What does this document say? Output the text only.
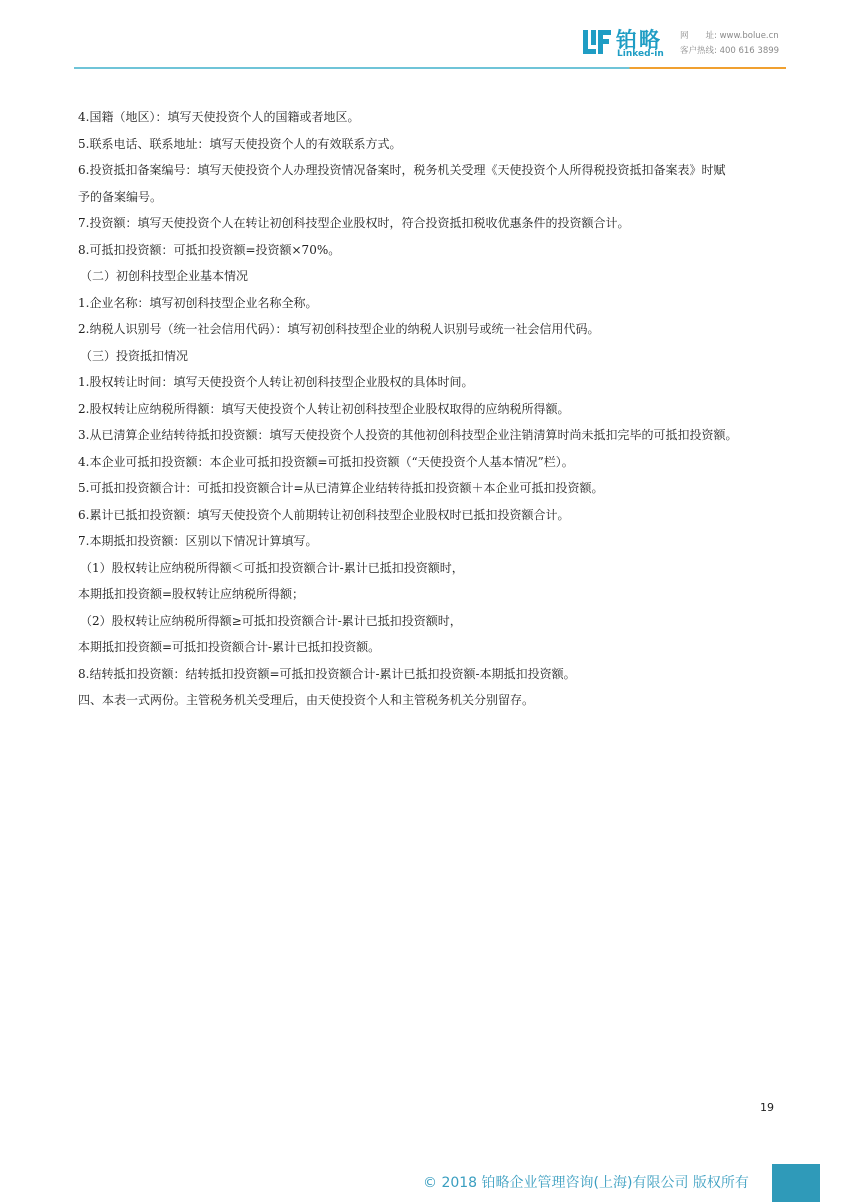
铂略
Linked-in
网　　址: www.bolue.cn
客户热线: 400 616 3899
4.国籍（地区）：填写天使投资个人的国籍或者地区。
5.联系电话、联系地址：填写天使投资个人的有效联系方式。
6.投资抵扣备案编号：填写天使投资个人办理投资情况备案时，税务机关受理《天使投资个人所得税投资抵扣备案表》时赋
予的备案编号。
7.投资额：填写天使投资个人在转让初创科技型企业股权时，符合投资抵扣税收优惠条件的投资额合计。
8.可抵扣投资额：可抵扣投资额=投资额×70%。
（二）初创科技型企业基本情况
1.企业名称：填写初创科技型企业名称全称。
2.纳税人识别号（统一社会信用代码）：填写初创科技型企业的纳税人识别号或统一社会信用代码。
（三）投资抵扣情况
1.股权转让时间：填写天使投资个人转让初创科技型企业股权的具体时间。
2.股权转让应纳税所得额：填写天使投资个人转让初创科技型企业股权取得的应纳税所得额。
3.从已清算企业结转待抵扣投资额：填写天使投资个人投资的其他初创科技型企业注销清算时尚未抵扣完毕的可抵扣投资额。
4.本企业可抵扣投资额：本企业可抵扣投资额=可抵扣投资额（“天使投资个人基本情况”栏）。
5.可抵扣投资额合计：可抵扣投资额合计=从已清算企业结转待抵扣投资额＋本企业可抵扣投资额。
6.累计已抵扣投资额：填写天使投资个人前期转让初创科技型企业股权时已抵扣投资额合计。
7.本期抵扣投资额：区别以下情况计算填写。
（1）股权转让应纳税所得额＜可抵扣投资额合计-累计已抵扣投资额时，
本期抵扣投资额=股权转让应纳税所得额；
（2）股权转让应纳税所得额≥可抵扣投资额合计-累计已抵扣投资额时，
本期抵扣投资额=可抵扣投资额合计-累计已抵扣投资额。
8.结转抵扣投资额：结转抵扣投资额=可抵扣投资额合计-累计已抵扣投资额-本期抵扣投资额。
四、本表一式两份。主管税务机关受理后，由天使投资个人和主管税务机关分别留存。
19
© 2018 铂略企业管理咨询(上海)有限公司 版权所有
